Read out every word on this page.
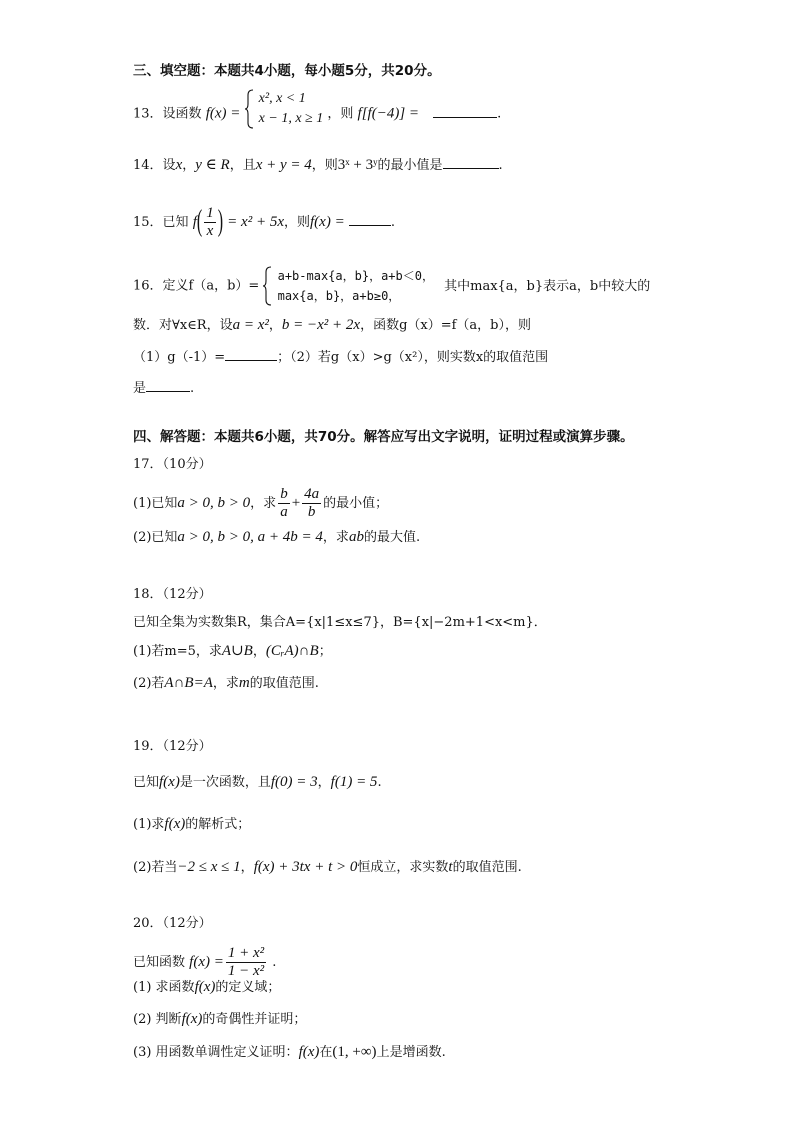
三、填空题：本题共4小题，每小题5分，共20分。
13．设函数 f(x) =
x², x < 1
x − 1, x ≥ 1 ，则 f[f(−4)] =	.
14．设x，y ∈ R，且x + y = 4，则3ˣ + 3ʸ的最小值是	.
15．已知 $f( \frac{1}{x}$ ) = x² + 5x，则f(x) =	.
16．定义f（a，b）=
a+b-max{a，b}，a+b＜0，
max{a，b}，a+b≥0，
其中max{a，b}表示a，b中较大的
数．对∀x∈R，设a = x²，b = −x² + 2x，函数g（x）=f（a，b），则
（1）g（-1）=	；（2）若g（x）>g（x²），则实数x的取值范围
是	.
四、解答题：本题共6小题，共70分。解答应写出文字说明，证明过程或演算步骤。
17．（10分）
(1)已知a > 0, b > 0，求 $\frac{b}{a} + \frac{4a}{b}$ 的最小值；
(2)已知a > 0, b > 0, a + 4b = 4，求ab的最大值.
18．（12分）
已知全集为实数集R，集合A={x|1≤x≤7}，B={x|−2m+1<x<m}．
(1)若m=5，求A∪B，(CᵣA)∩B；
(2)若A∩B=A，求m的取值范围.
19．（12分）
已知f(x)是一次函数，且f(0) = 3，f(1) = 5.
(1)求f(x)的解析式；
(2)若当−2 ≤ x ≤ 1，f(x) + 3tx + t > 0恒成立，求实数t的取值范围.
20．（12分）
已知函数 $f(x) = \frac{\text{1 + x²}}{\text{1 − x²}}$ .
(1) 求函数f(x)的定义域；
(2) 判断f(x)的奇偶性并证明；
(3) 用函数单调性定义证明：f(x)在(1, +∞)上是增函数.
